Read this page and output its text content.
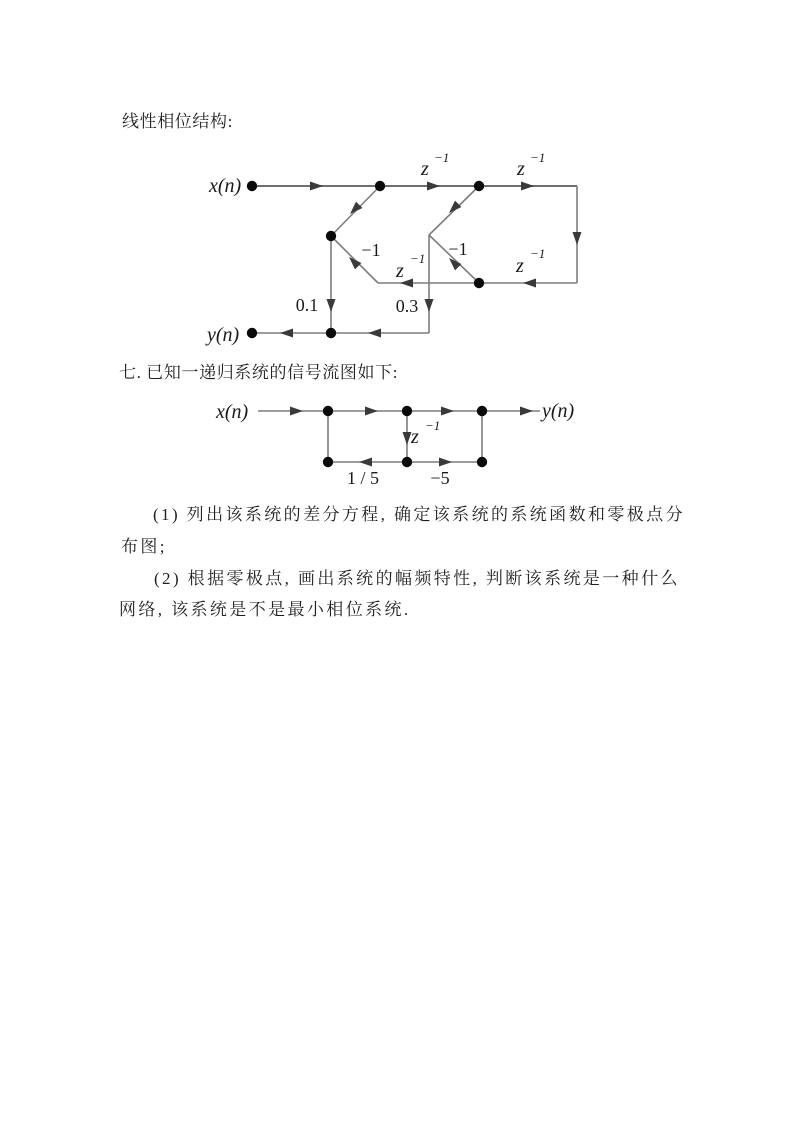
线性相位结构:
x(n)
y(n)
z
−1
z
−1
z
−1	z
−1
−1	−1
0.1	0.3
七. 已知一递归系统的信号流图如下:
x(n)	y(n)
z
−1
1 / 5	−5
(1) 列出该系统的差分方程, 确定该系统的系统函数和零极点分
布图;
(2) 根据零极点, 画出系统的幅频特性, 判断该系统是一种什么
网络, 该系统是不是最小相位系统.
